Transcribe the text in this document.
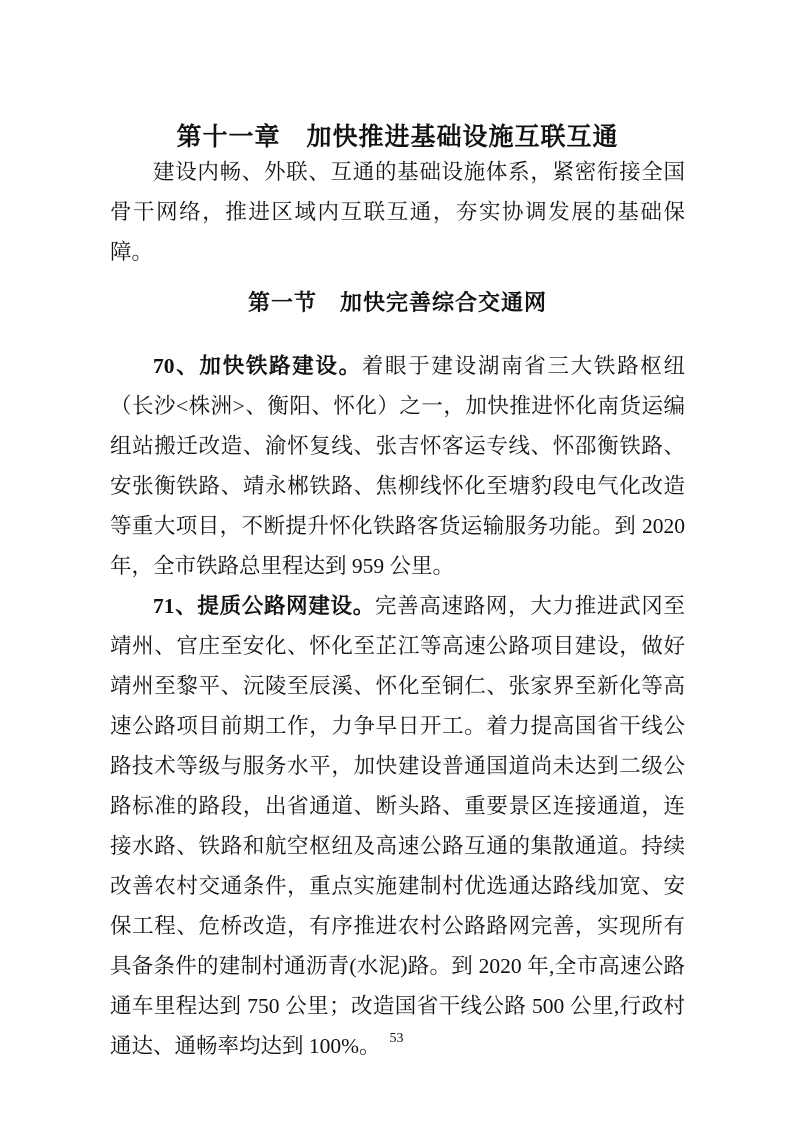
第十一章　加快推进基础设施互联互通

建设内畅、外联、互通的基础设施体系，紧密衔接全国骨干网络，推进区域内互联互通，夯实协调发展的基础保障。

第一节　加快完善综合交通网

70、加快铁路建设。着眼于建设湖南省三大铁路枢纽（长沙<株洲>、衡阳、怀化）之一，加快推进怀化南货运编组站搬迁改造、渝怀复线、张吉怀客运专线、怀邵衡铁路、安张衡铁路、靖永郴铁路、焦柳线怀化至塘豹段电气化改造等重大项目，不断提升怀化铁路客货运输服务功能。到 2020 年，全市铁路总里程达到 959 公里。

71、提质公路网建设。完善高速路网，大力推进武冈至靖州、官庄至安化、怀化至芷江等高速公路项目建设，做好靖州至黎平、沅陵至辰溪、怀化至铜仁、张家界至新化等高速公路项目前期工作，力争早日开工。着力提高国省干线公路技术等级与服务水平，加快建设普通国道尚未达到二级公路标准的路段，出省通道、断头路、重要景区连接通道，连接水路、铁路和航空枢纽及高速公路互通的集散通道。持续改善农村交通条件，重点实施建制村优选通达路线加宽、安保工程、危桥改造，有序推进农村公路路网完善，实现所有具备条件的建制村通沥青(水泥)路。到 2020 年,全市高速公路通车里程达到 750 公里；改造国省干线公路 500 公里,行政村通达、通畅率均达到 100%。 53
